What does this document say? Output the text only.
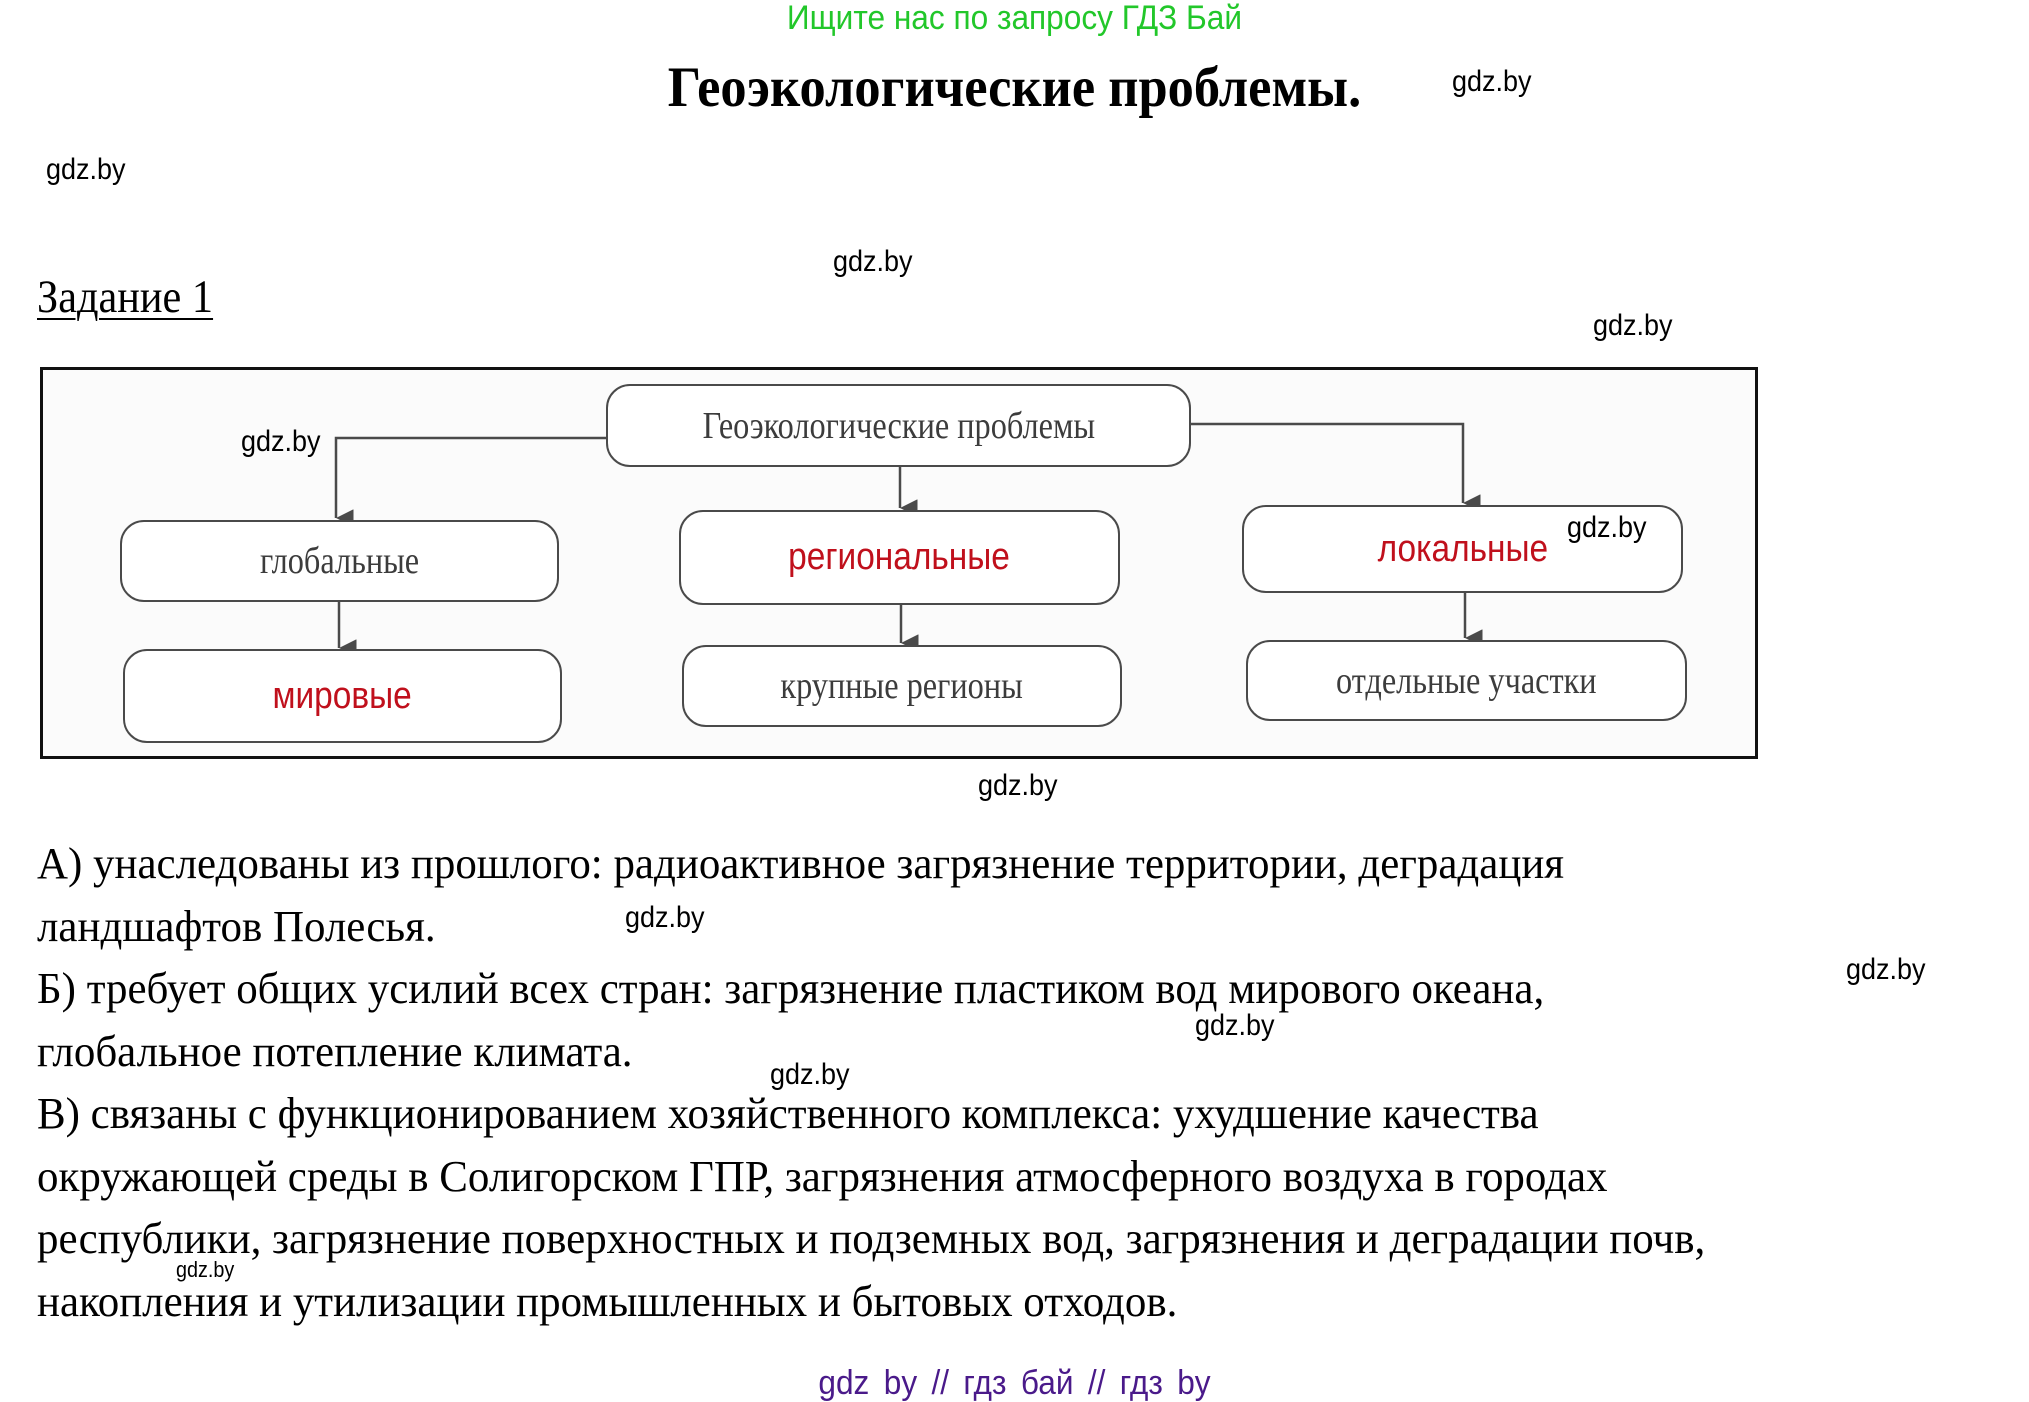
Ищите нас по запросу ГДЗ Бай
Геоэкологические проблемы.	gdz.by
gdz.by
gdz.by
gdz.by
Задание 1
Геоэкологические проблемы
глобальные	региональные	локальные
мировые	крупные регионы	отдельные участки
gdz.by
gdz.by
gdz.by
А) унаследованы из прошлого: радиоактивное загрязнение территории, деградация
ландшафтов Полесья.
Б) требует общих усилий всех стран: загрязнение пластиком вод мирового океана,
глобальное потепление климата.
В) связаны с функционированием хозяйственного комплекса: ухудшение качества
окружающей среды в Солигорском ГПР, загрязнения атмосферного воздуха в городах
республики, загрязнение поверхностных и подземных вод, загрязнения и деградации почв,
накопления и утилизации промышленных и бытовых отходов.
gdz.by
gdz.by
gdz.by
gdz.by
gdz.by
gdz by // гдз бай // гдз by
